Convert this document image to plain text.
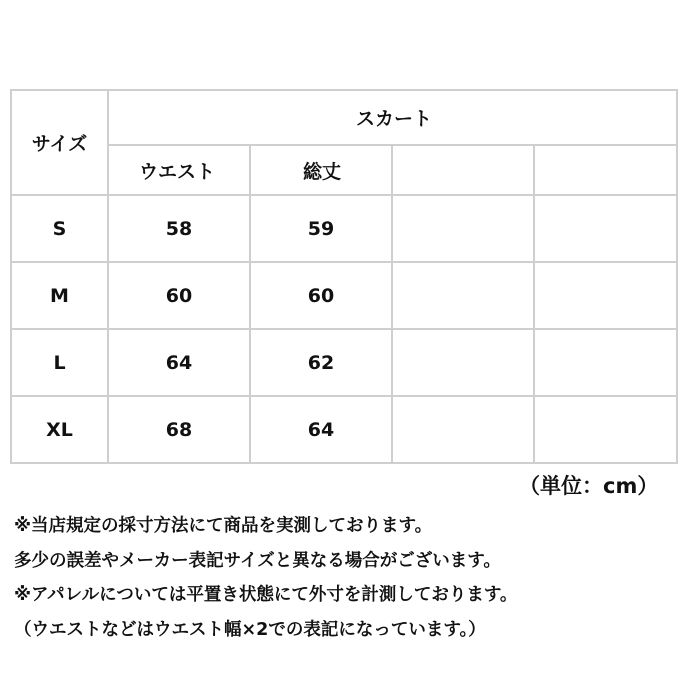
サイズ	スカート			
	ウエスト	総丈		
S	58	59		
M	60	60		
L	64	62		
XL	68	64		
（単位：cm）
※当店規定の採寸方法にて商品を実測しております。
多少の誤差やメーカー表記サイズと異なる場合がございます。
※アパレルについては平置き状態にて外寸を計測しております。
（ウエストなどはウエスト幅×2での表記になっています。）
